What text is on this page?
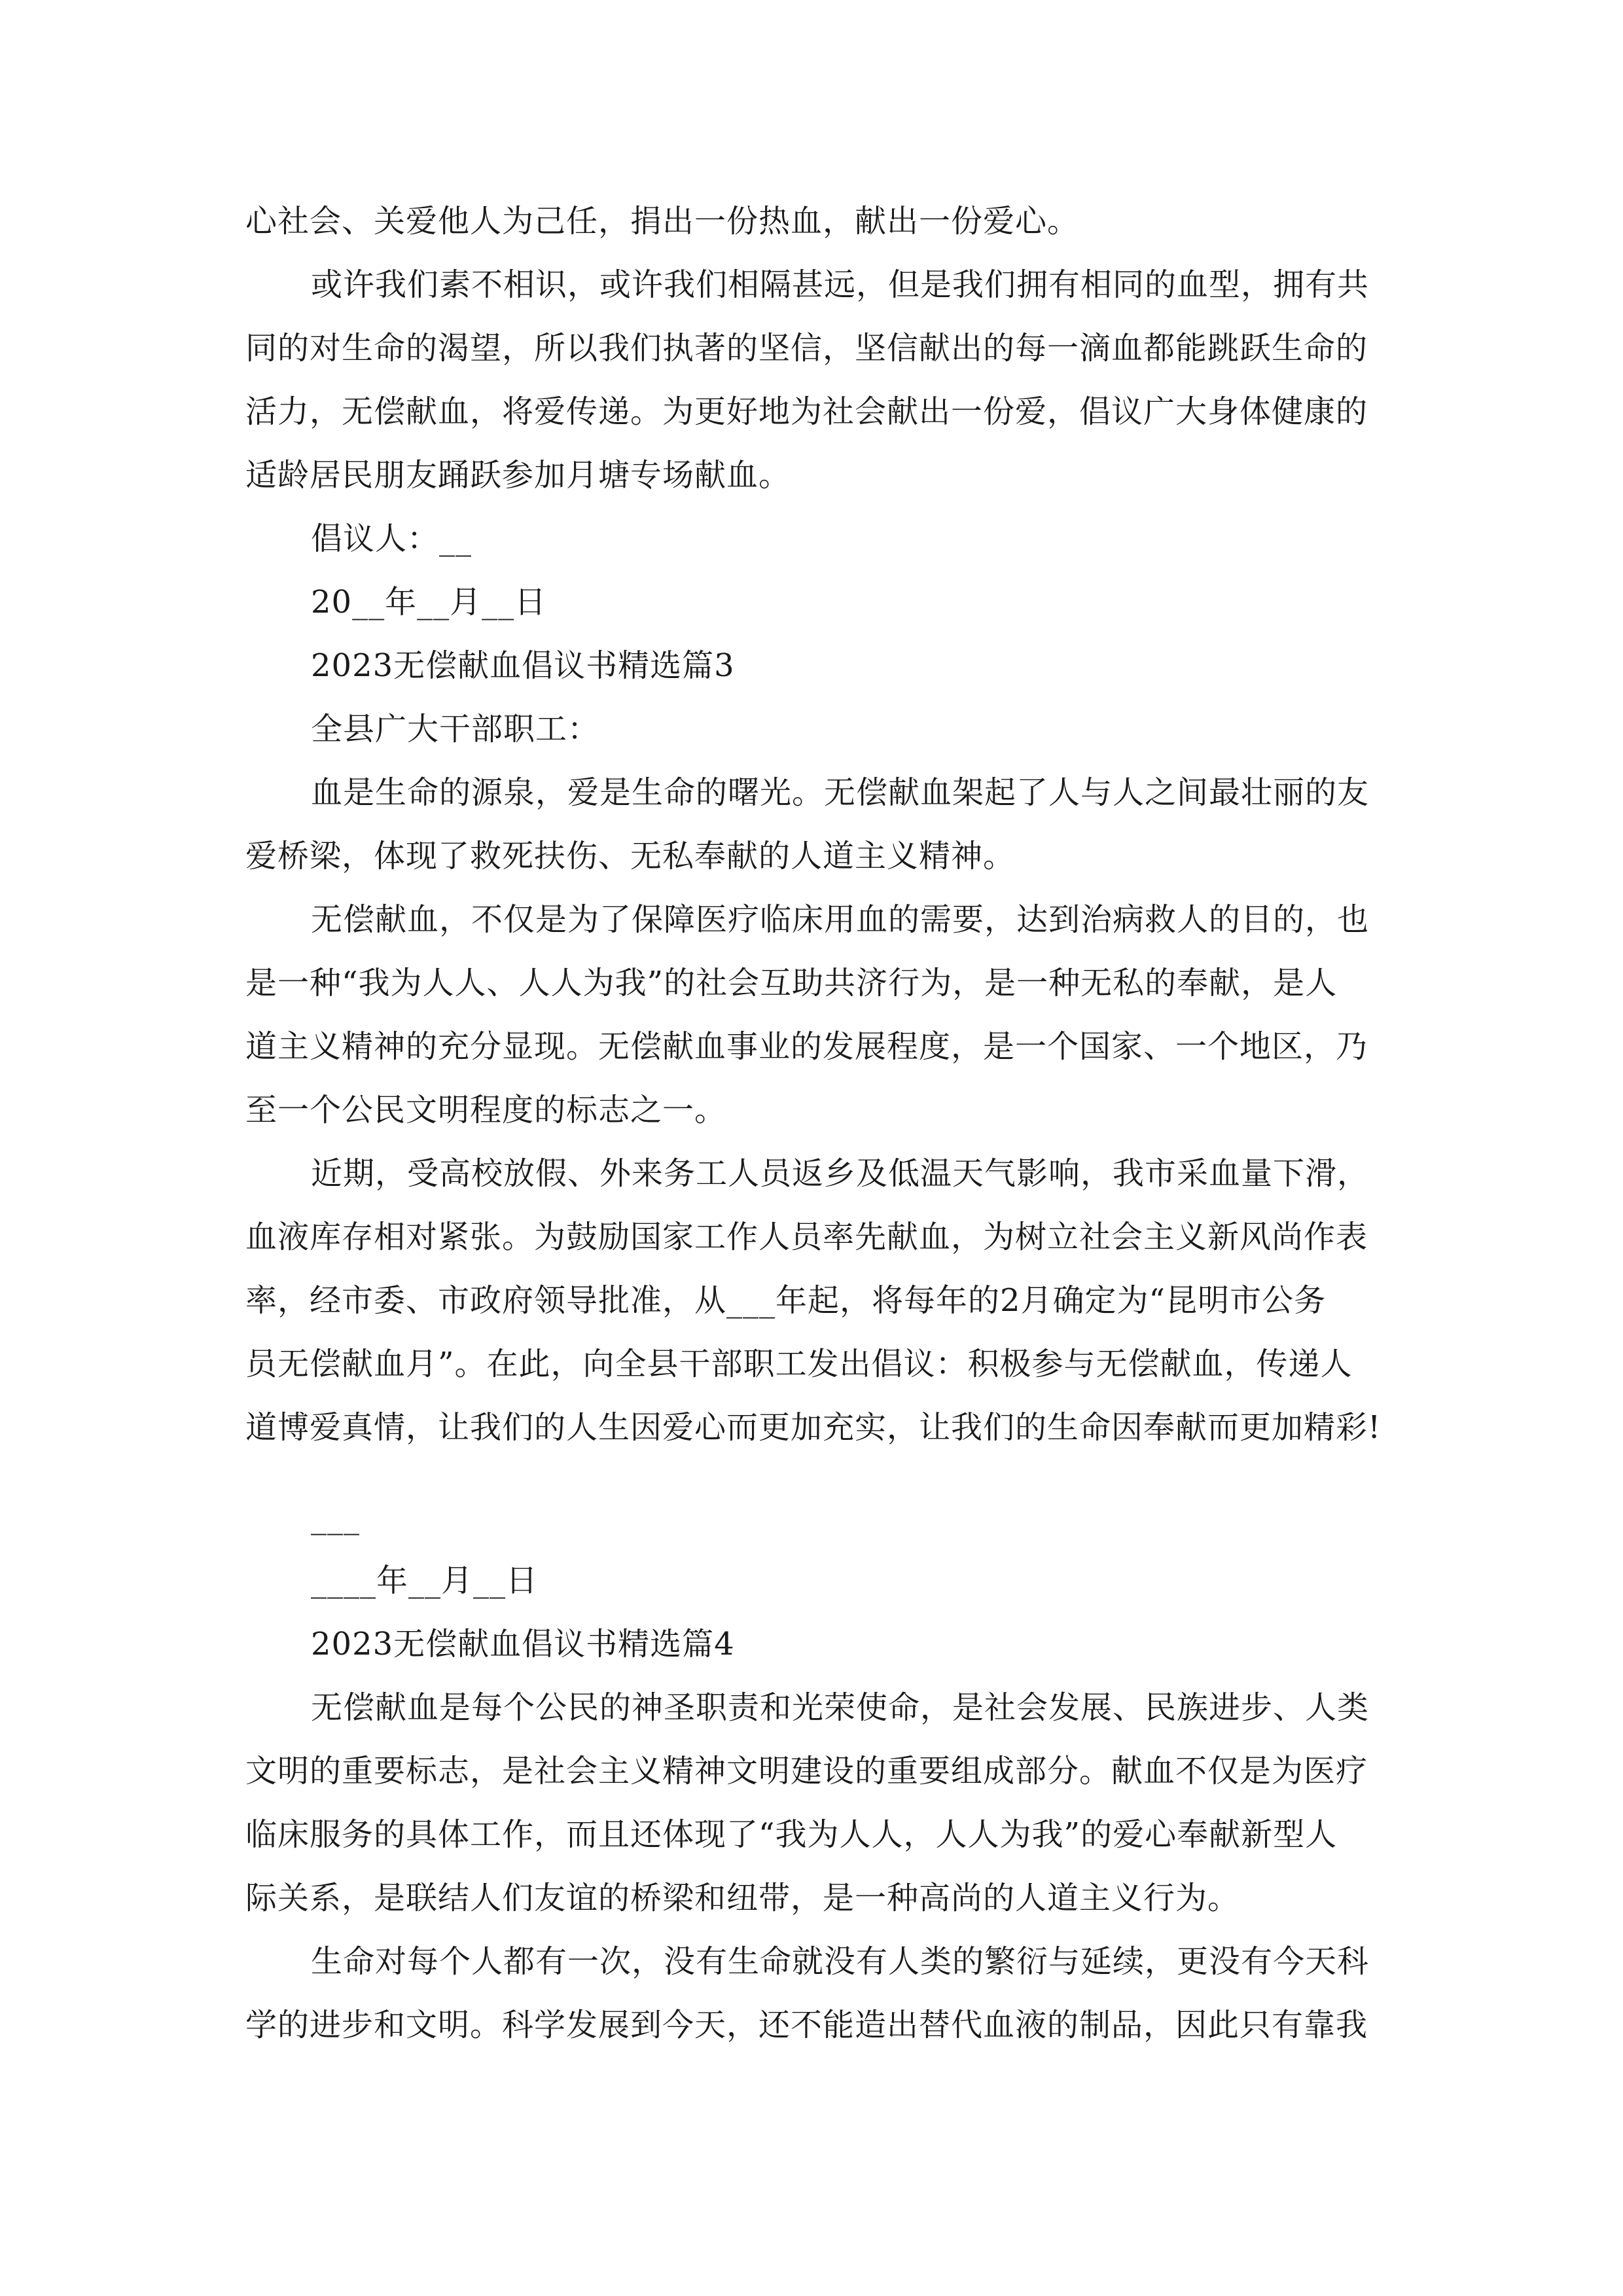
心社会、关爱他人为己任，捐出一份热血，献出一份爱心。
或许我们素不相识，或许我们相隔甚远，但是我们拥有相同的血型，拥有共
同的对生命的渴望，所以我们执著的坚信，坚信献出的每一滴血都能跳跃生命的
活力，无偿献血，将爱传递。为更好地为社会献出一份爱，倡议广大身体健康的
适龄居民朋友踊跃参加月塘专场献血。
倡议人：__
20__年__月__日
2023无偿献血倡议书精选篇3
全县广大干部职工：
血是生命的源泉，爱是生命的曙光。无偿献血架起了人与人之间最壮丽的友
爱桥梁，体现了救死扶伤、无私奉献的人道主义精神。
无偿献血，不仅是为了保障医疗临床用血的需要，达到治病救人的目的，也
是一种“我为人人、人人为我”的社会互助共济行为，是一种无私的奉献，是人
道主义精神的充分显现。无偿献血事业的发展程度，是一个国家、一个地区，乃
至一个公民文明程度的标志之一。
近期，受高校放假、外来务工人员返乡及低温天气影响，我市采血量下滑，
血液库存相对紧张。为鼓励国家工作人员率先献血，为树立社会主义新风尚作表
率，经市委、市政府领导批准，从___年起，将每年的2月确定为“昆明市公务
员无偿献血月”。在此，向全县干部职工发出倡议：积极参与无偿献血，传递人
道博爱真情，让我们的人生因爱心而更加充实，让我们的生命因奉献而更加精彩!
___
____年__月__日
2023无偿献血倡议书精选篇4
无偿献血是每个公民的神圣职责和光荣使命，是社会发展、民族进步、人类
文明的重要标志，是社会主义精神文明建设的重要组成部分。献血不仅是为医疗
临床服务的具体工作，而且还体现了“我为人人，人人为我”的爱心奉献新型人
际关系，是联结人们友谊的桥梁和纽带，是一种高尚的人道主义行为。
生命对每个人都有一次，没有生命就没有人类的繁衍与延续，更没有今天科
学的进步和文明。科学发展到今天，还不能造出替代血液的制品，因此只有靠我
